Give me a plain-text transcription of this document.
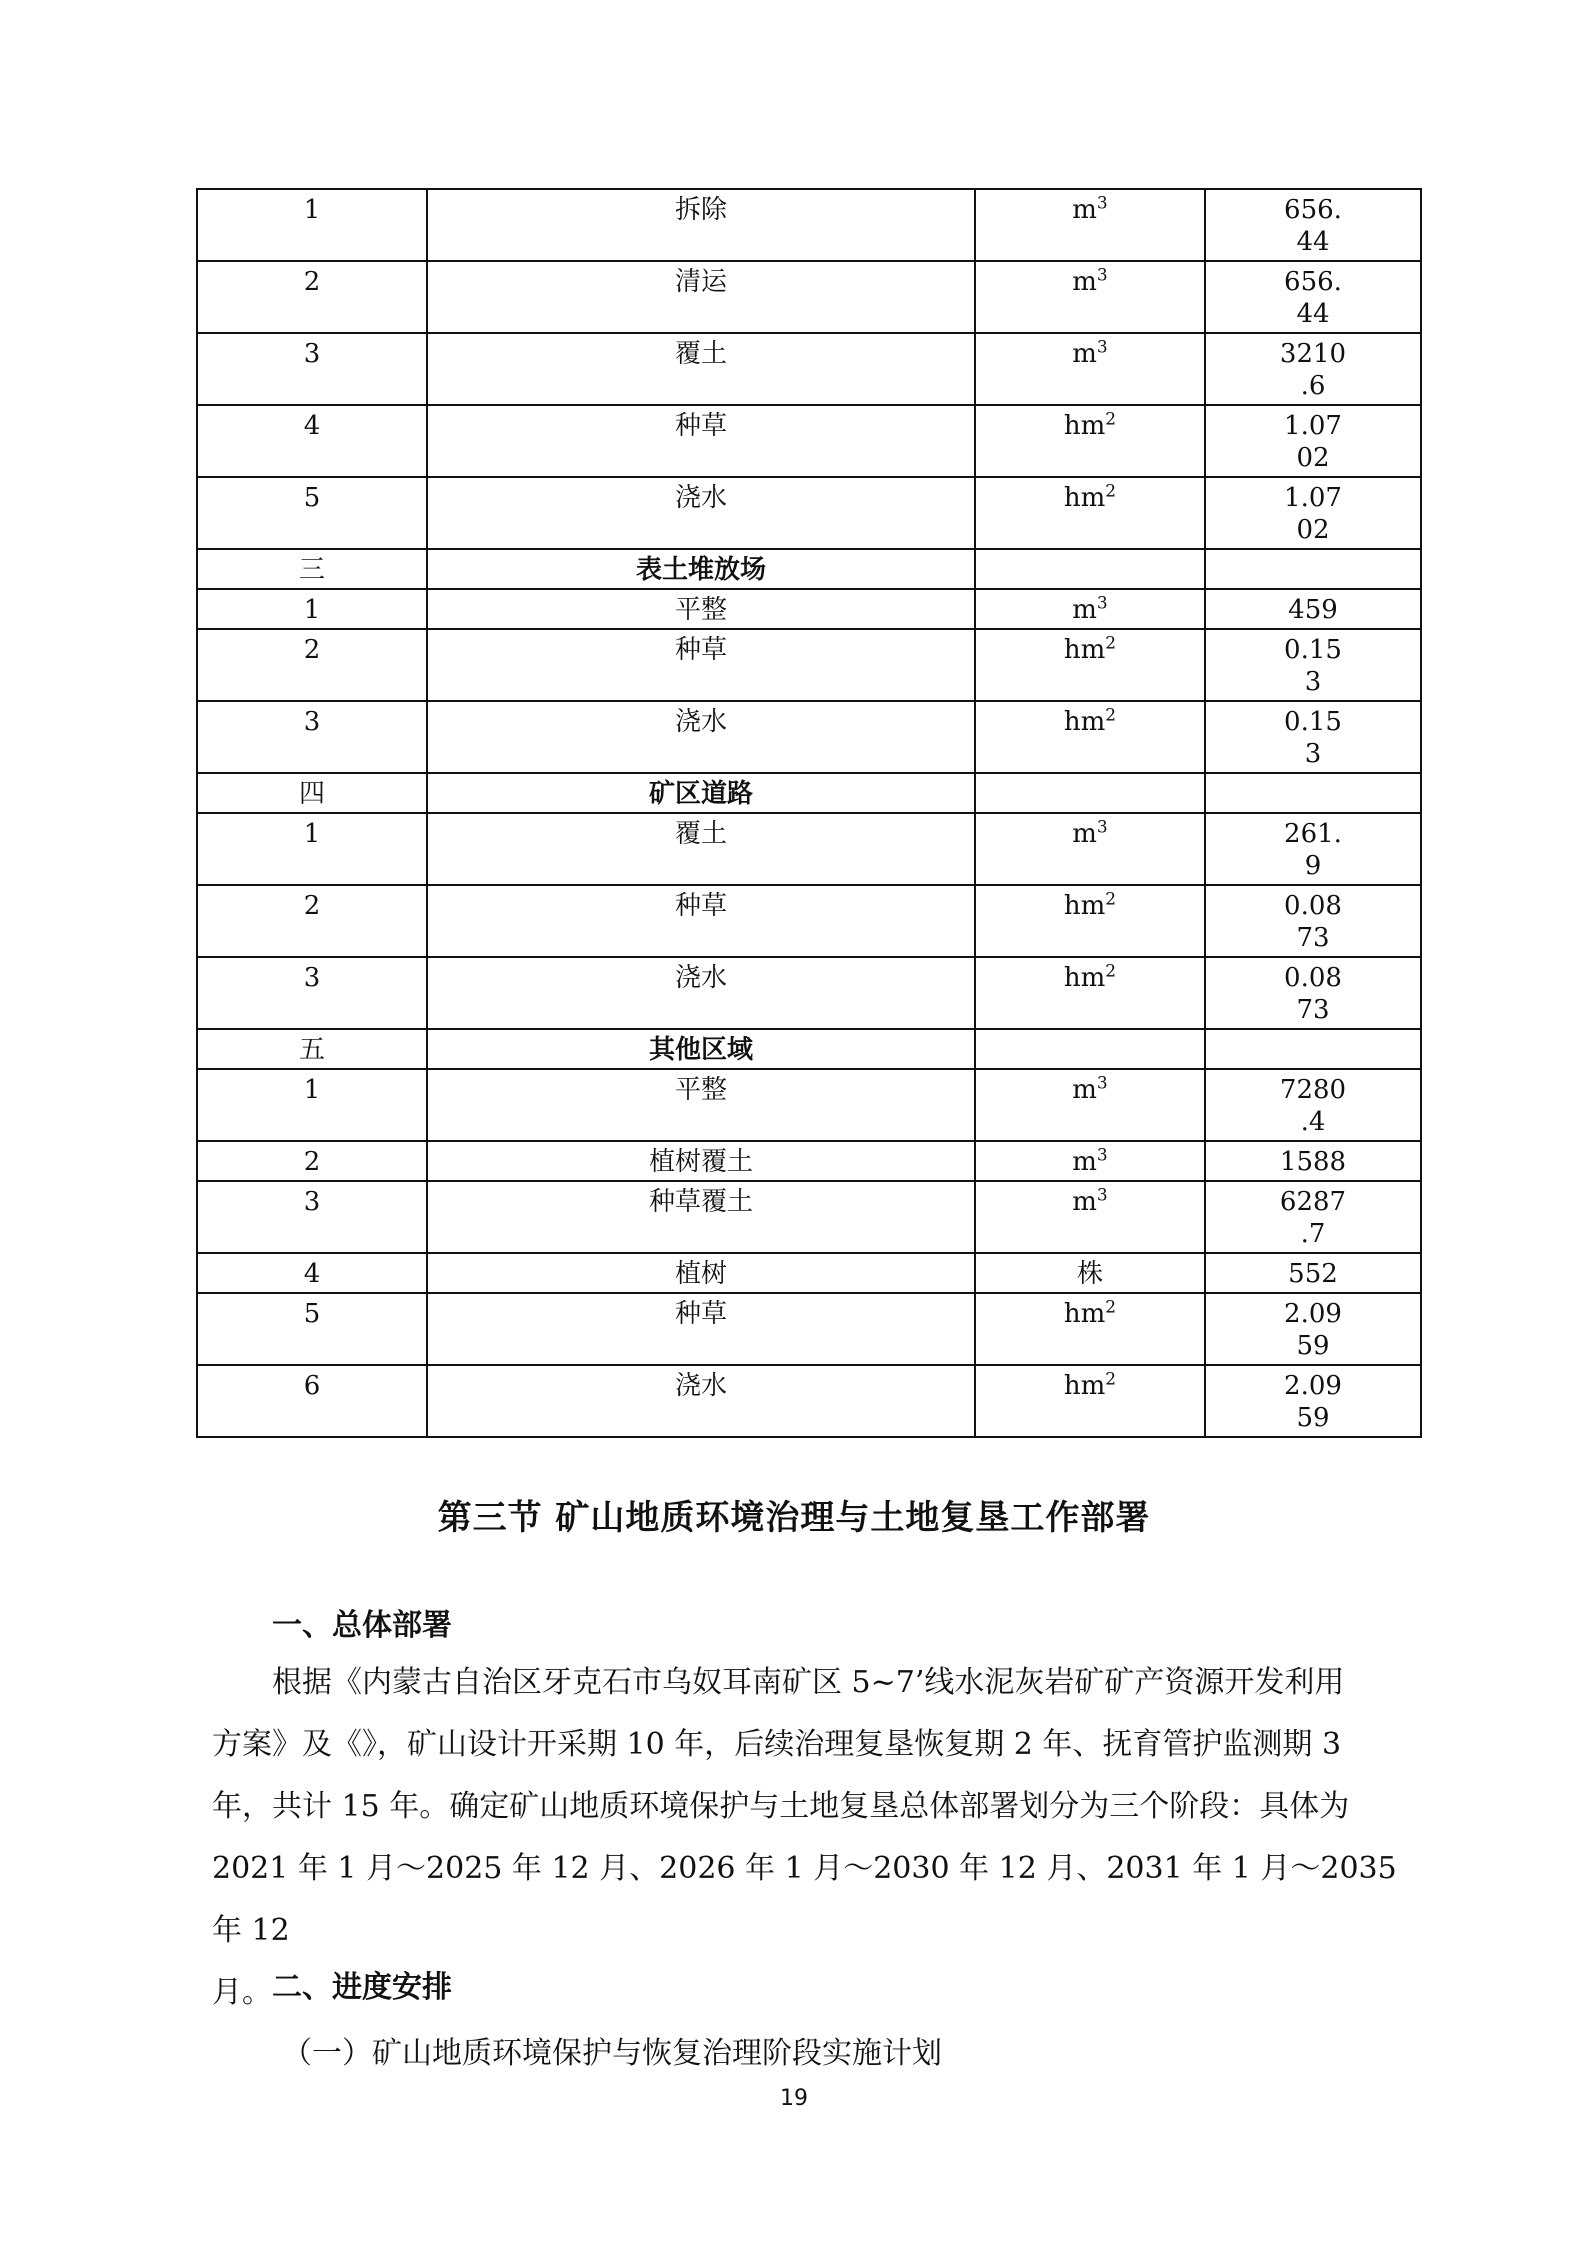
1	拆除	$m^3$	656.
44

2	清运	$m^3$	656.
44

3	覆土	$m^3$	3210
.6

4	种草	$hm^2$	1.07
02

5	浇水	$hm^2$	1.07
02

三	表土堆放场		
1	平整	$m^3$	459

2	种草	$hm^2$	0.15
3

3	浇水	$hm^2$	0.15
3

四	矿区道路		
1	覆土	$m^3$	261.
9

2	种草	$hm^2$	0.08
73

3	浇水	$hm^2$	0.08
73

五	其他区域		
1	平整	$m^3$	7280
.4

2	植树覆土	$m^3$	1588

3	种草覆土	$m^3$	6287
.7

4	植树	株	552

5	种草	$hm^2$	2.09
59

6	浇水	$hm^2$	2.09
59
第三节 矿山地质环境治理与土地复垦工作部署
一、总体部署
根据《内蒙古自治区牙克石市乌奴耳南矿区 5~7’线水泥灰岩矿矿产资源开发利用
方案》及《》，矿山设计开采期 10 年，后续治理复垦恢复期 2 年、抚育管护监测期 3
年，共计 15 年。确定矿山地质环境保护与土地复垦总体部署划分为三个阶段：具体为
2021 年 1 月～2025 年 12 月、2026 年 1 月～2030 年 12 月、2031 年 1 月～2035 年 12
月。 二、进度安排
（一）矿山地质环境保护与恢复治理阶段实施计划
19
